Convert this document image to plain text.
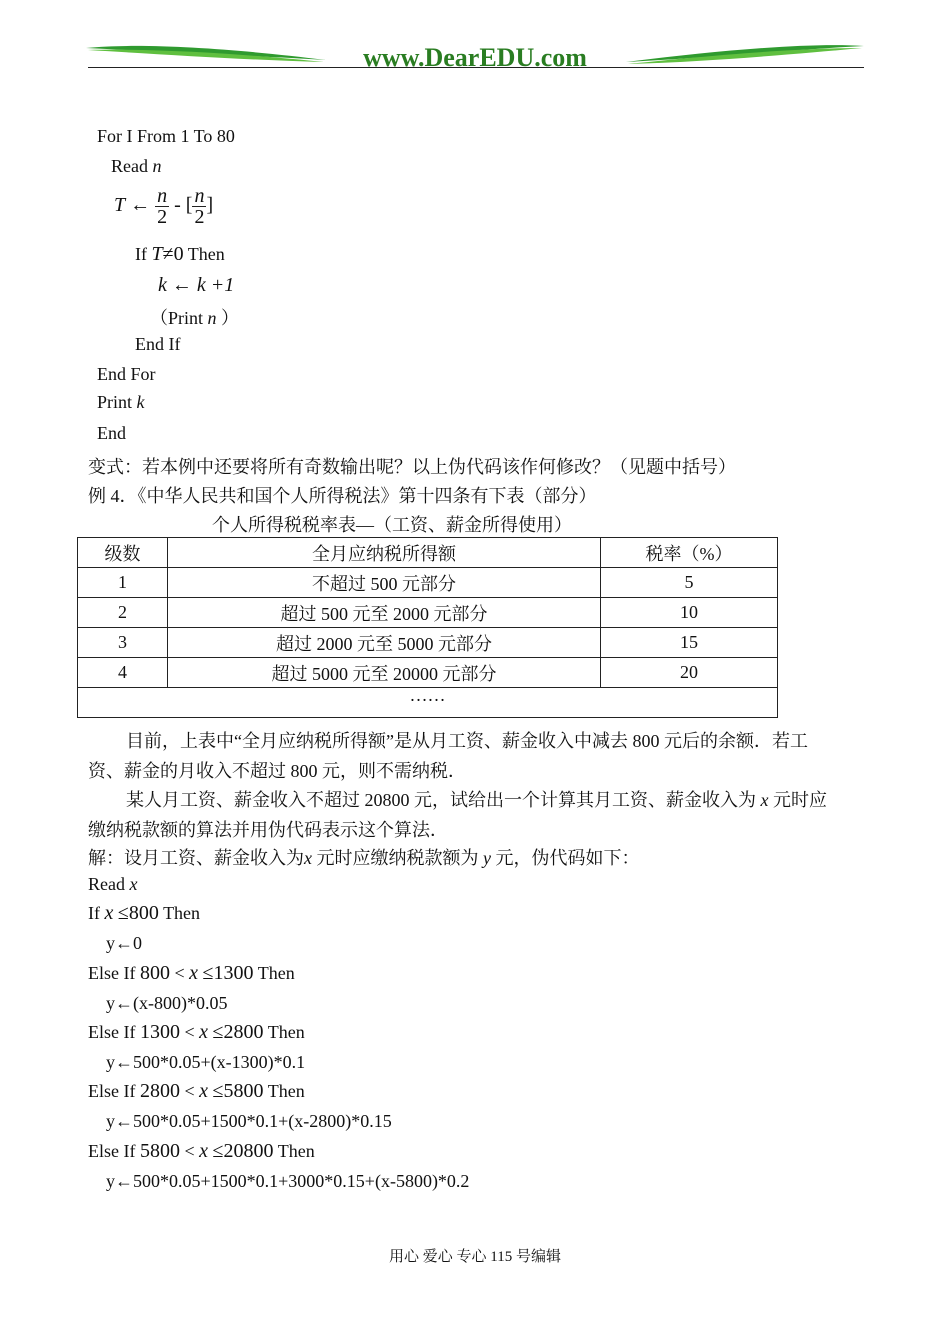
www.DearEDU.com
For I From 1 To 80
Read n
T ← $\frac{n}{2}$ - [ $\frac{n}{2}$ ]
If T≠0 Then
k ← k +1
（Print n ）
End If
End For
Print k
End
变式：若本例中还要将所有奇数输出呢？以上伪代码该作何修改？（见题中括号）
例 4．《中华人民共和国个人所得税法》第十四条有下表（部分）
个人所得税税率表—（工资、薪金所得使用）
级数	全月应纳税所得额	税率（%）
1	不超过 500 元部分	5
2	超过 500 元至 2000 元部分	10
3	超过 2000 元至 5000 元部分	15
4	超过 5000 元至 20000 元部分	20
……		
目前，上表中“全月应纳税所得额”是从月工资、薪金收入中减去 800 元后的余额．若工
资、薪金的月收入不超过 800 元，则不需纳税．
某人月工资、薪金收入不超过 20800 元，试给出一个计算其月工资、薪金收入为 x 元时应
缴纳税款额的算法并用伪代码表示这个算法．
解：设月工资、薪金收入为x 元时应缴纳税款额为 y 元，伪代码如下：
Read x
If x ≤800 Then
y←0
Else If 800 < x ≤1300 Then
y←(x-800)*0.05
Else If 1300 < x ≤2800 Then
y←500*0.05+(x-1300)*0.1
Else If 2800 < x ≤5800 Then
y←500*0.05+1500*0.1+(x-2800)*0.15
Else If 5800 < x ≤20800 Then
y←500*0.05+1500*0.1+3000*0.15+(x-5800)*0.2
用心 爱心 专心 115 号编辑
